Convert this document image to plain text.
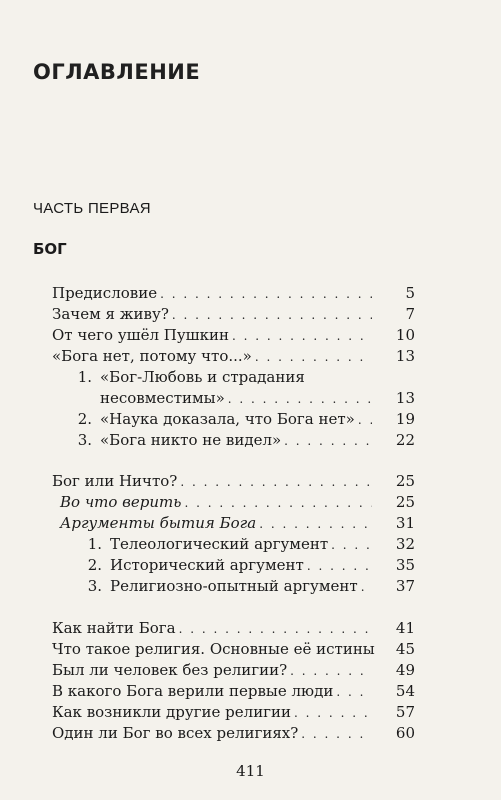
ОГЛАВЛЕНИЕ
ЧАСТЬ ПЕРВАЯ
БОГ
Предисловие . . .	5
Зачем я живу? . . .	7
От чего ушёл Пушкин . . .	10
«Бога нет, потому что...» . . .	13
1. «Бог-Любовь и страдания
несовместимы» . . .	13
2. «Наука доказала, что Бога нет» . . .	19
3. «Бога никто не видел» . . .	22
Бог или Ничто? . . .	25
Во что верить . . .	25
Аргументы бытия Бога . . .	31
1. Телеологический аргумент . . .	32
2. Исторический аргумент . . .	35
3. Религиозно-опытный аргумент . . .	37
Как найти Бога . . .	41
Что такое религия. Основные её истины	45
Был ли человек без религии? . . .	49
В какого Бога верили первые люди . . .	54
Как возникли другие религии . . .	57
Один ли Бог во всех религиях? . . .	60
411
